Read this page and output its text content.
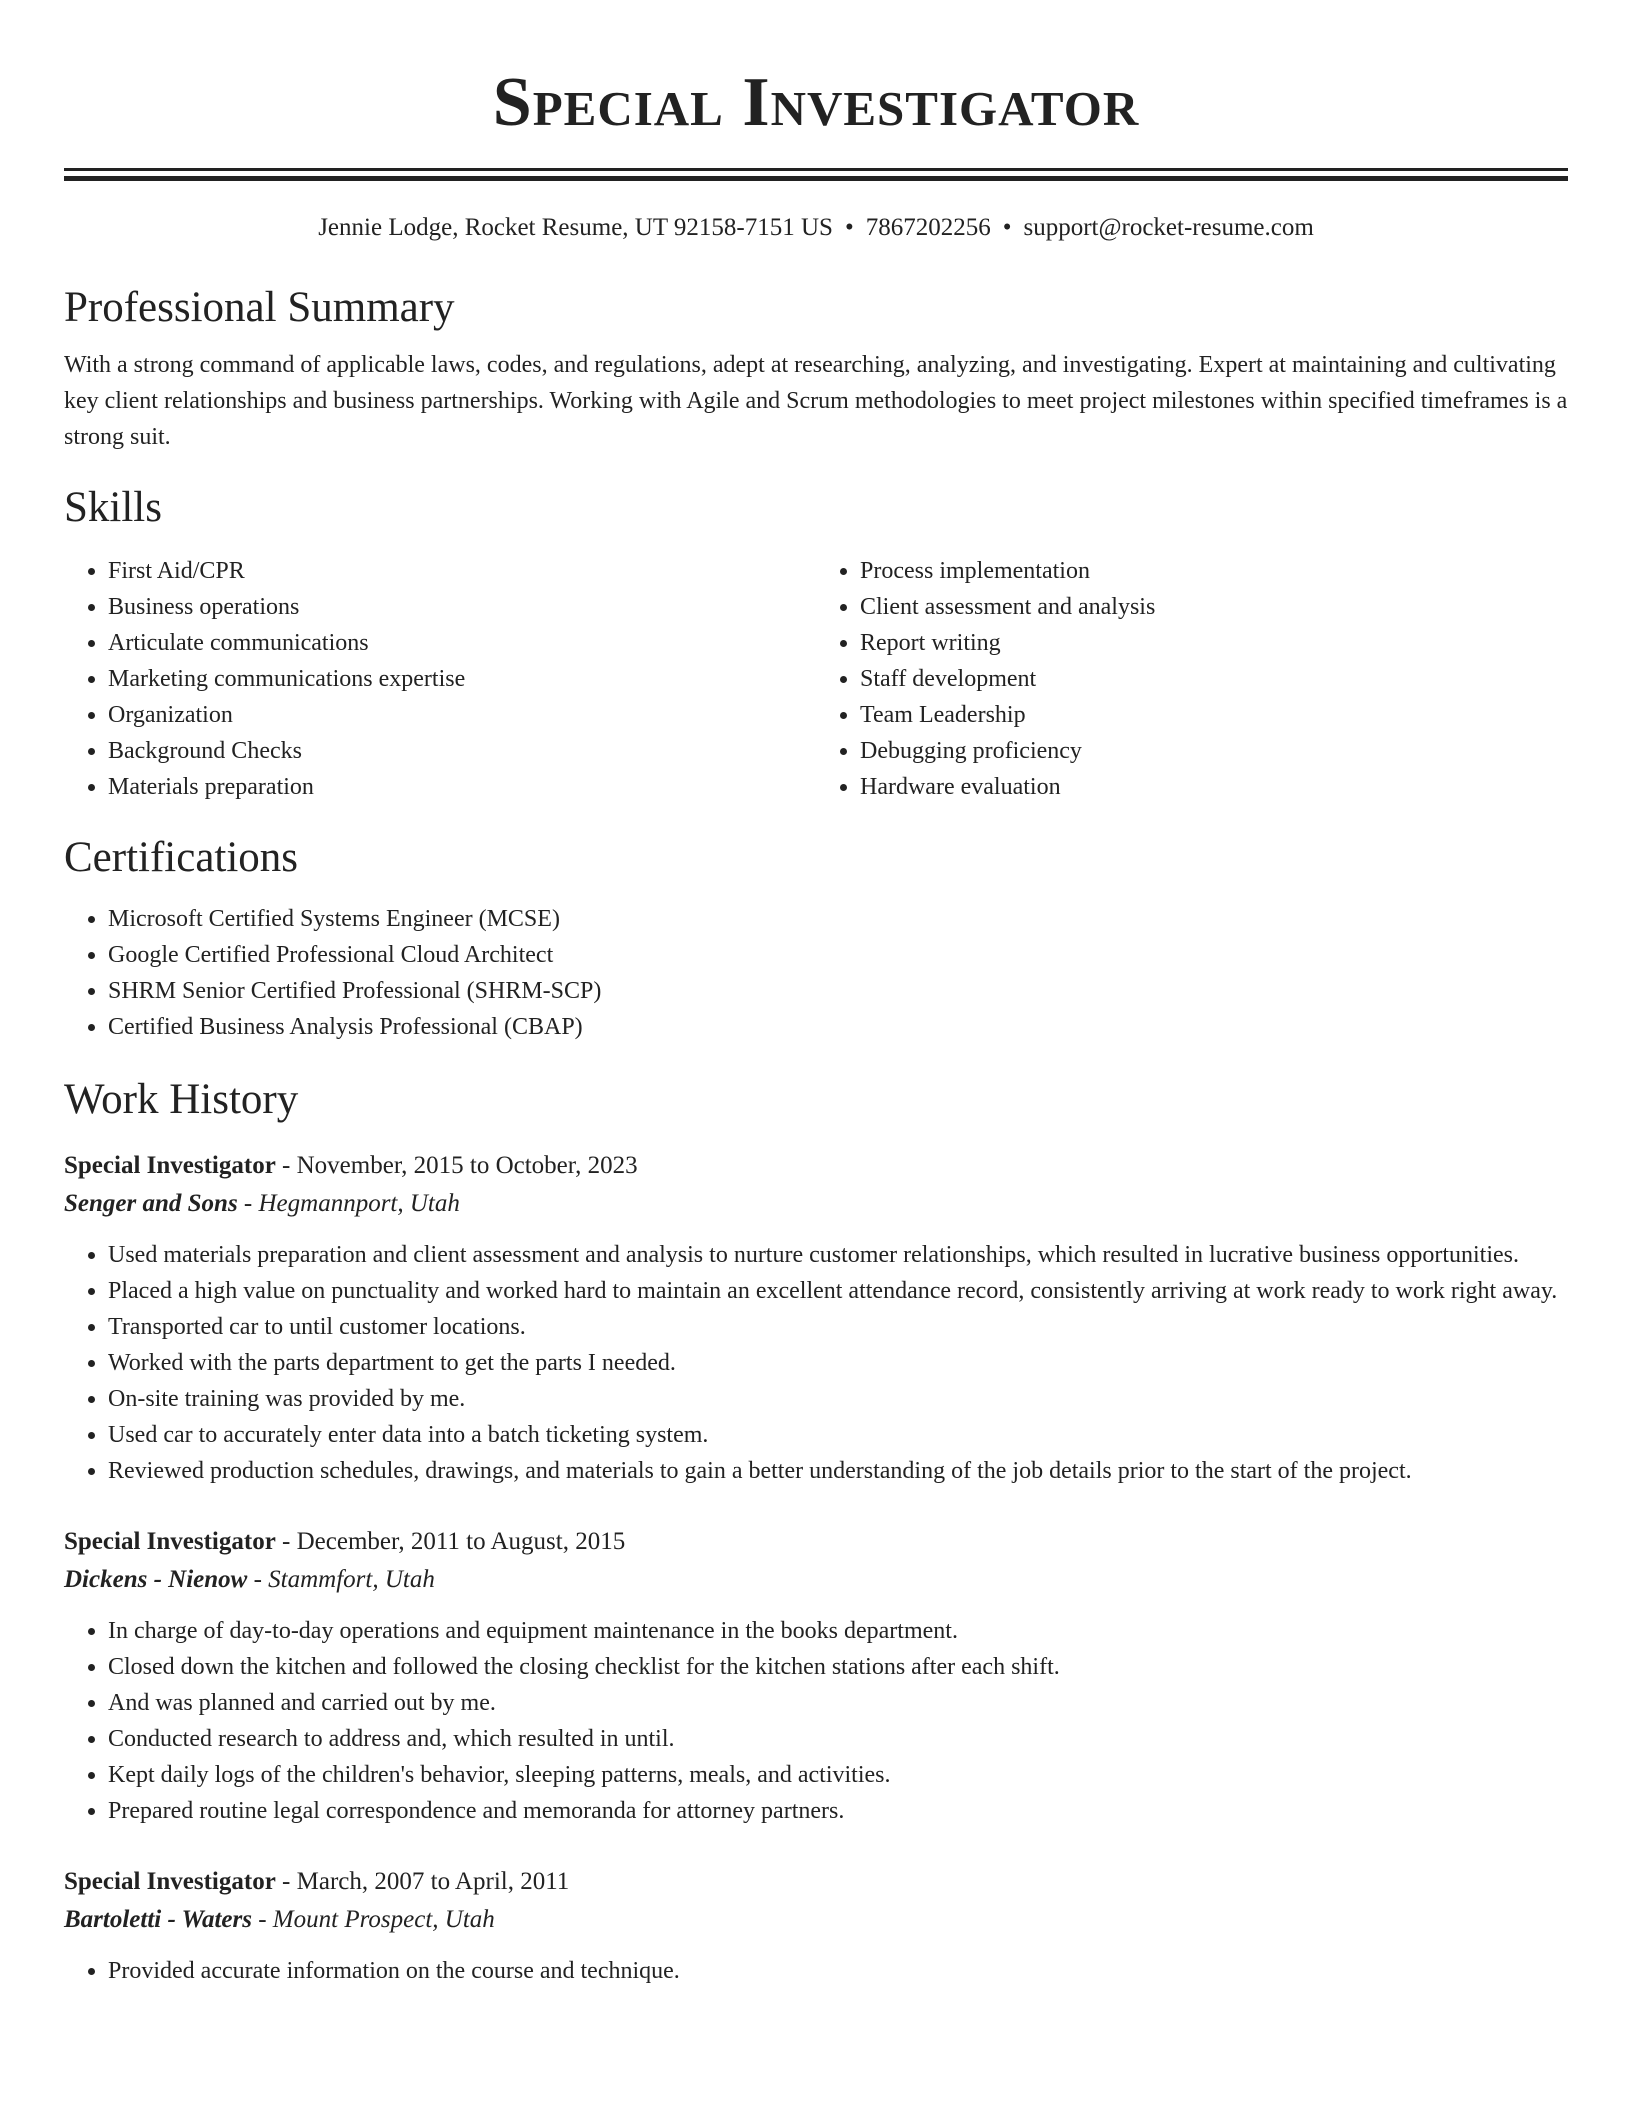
Special Investigator
Jennie Lodge, Rocket Resume, UT 92158-7151 US • 7867202256 • support@rocket-resume.com
Professional Summary

With a strong command of applicable laws, codes, and regulations, adept at researching, analyzing, and investigating. Expert at maintaining and cultivating key client relationships and business partnerships. Working with Agile and Scrum methodologies to meet project milestones within specified timeframes is a strong suit.

Skills
• First Aid/CPR
• Business operations
• Articulate communications
• Marketing communications expertise
• Organization
• Background Checks
• Materials preparation
• Process implementation
• Client assessment and analysis
• Report writing
• Staff development
• Team Leadership
• Debugging proficiency
• Hardware evaluation
Certifications
• Microsoft Certified Systems Engineer (MCSE)
• Google Certified Professional Cloud Architect
• SHRM Senior Certified Professional (SHRM-SCP)
• Certified Business Analysis Professional (CBAP)
Work History
Special Investigator - November, 2015 to October, 2023
Senger and Sons - Hegmannport, Utah
• Used materials preparation and client assessment and analysis to nurture customer relationships, which resulted in lucrative business opportunities.
• Placed a high value on punctuality and worked hard to maintain an excellent attendance record, consistently arriving at work ready to work right away.
• Transported car to until customer locations.
• Worked with the parts department to get the parts I needed.
• On-site training was provided by me.
• Used car to accurately enter data into a batch ticketing system.
• Reviewed production schedules, drawings, and materials to gain a better understanding of the job details prior to the start of the project.
Special Investigator - December, 2011 to August, 2015
Dickens - Nienow - Stammfort, Utah
• In charge of day-to-day operations and equipment maintenance in the books department.
• Closed down the kitchen and followed the closing checklist for the kitchen stations after each shift.
• And was planned and carried out by me.
• Conducted research to address and, which resulted in until.
• Kept daily logs of the children's behavior, sleeping patterns, meals, and activities.
• Prepared routine legal correspondence and memoranda for attorney partners.
Special Investigator - March, 2007 to April, 2011
Bartoletti - Waters - Mount Prospect, Utah
• Provided accurate information on the course and technique.
